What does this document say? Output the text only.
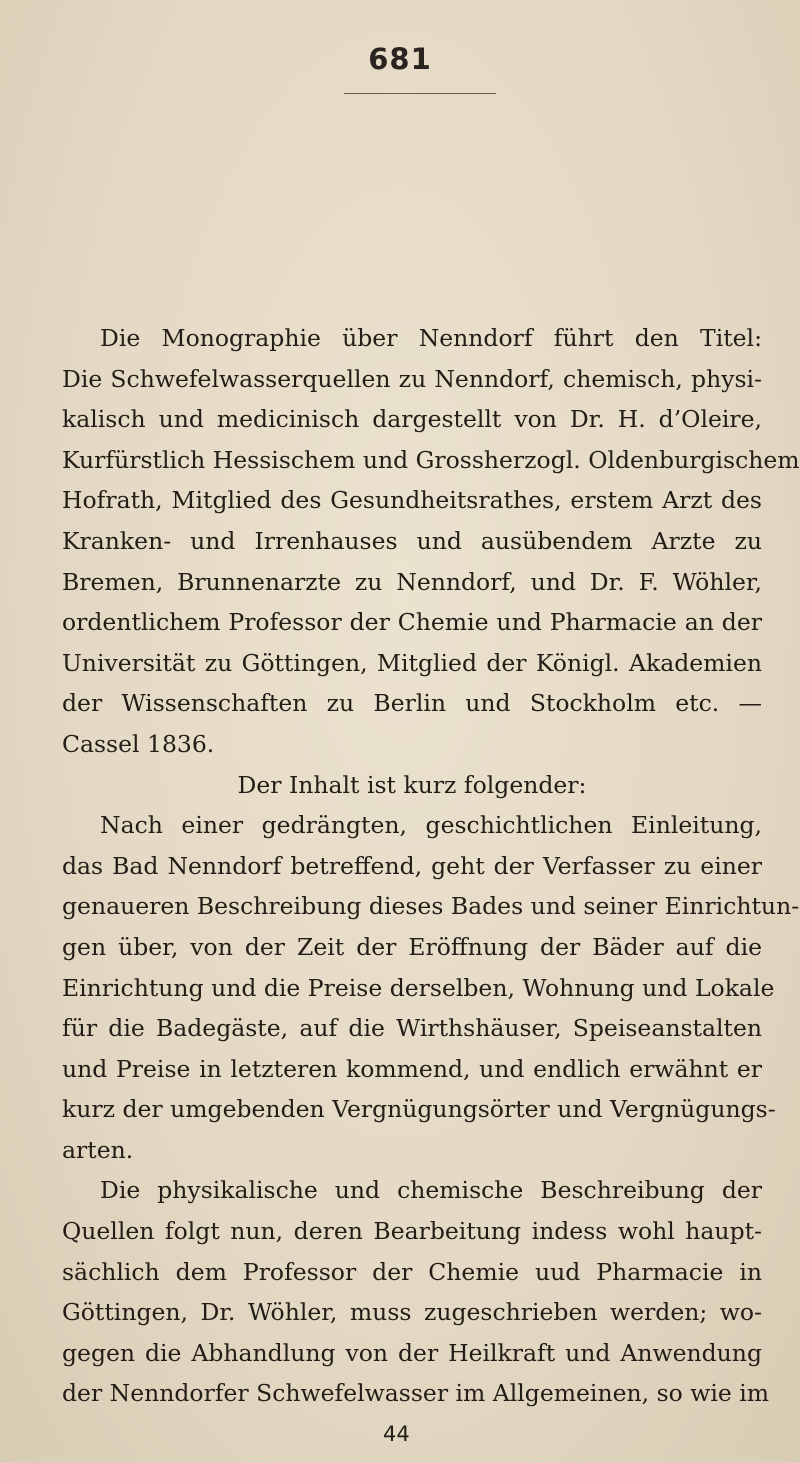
681
Die Monographie über Nenndorf führt den Titel:
Die Schwefelwasserquellen zu Nenndorf, chemisch, physi-
kalisch und medicinisch dargestellt von Dr. H. d’Oleire,
Kurfürstlich Hessischem und Grossherzogl. Oldenburgischem
Hofrath, Mitglied des Gesundheitsrathes, erstem Arzt des
Kranken- und Irrenhauses und ausübendem Arzte zu
Bremen, Brunnenarzte zu Nenndorf, und Dr. F. Wöhler,
ordentlichem Professor der Chemie und Pharmacie an der
Universität zu Göttingen, Mitglied der Königl. Akademien
der Wissenschaften zu Berlin und Stockholm etc. —
Cassel 1836.
Der Inhalt ist kurz folgender:
Nach einer gedrängten, geschichtlichen Einleitung,
das Bad Nenndorf betreffend, geht der Verfasser zu einer
genaueren Beschreibung dieses Bades und seiner Einrichtun-
gen über, von der Zeit der Eröffnung der Bäder auf die
Einrichtung und die Preise derselben, Wohnung und Lokale
für die Badegäste, auf die Wirthshäuser, Speiseanstalten
und Preise in letzteren kommend, und endlich erwähnt er
kurz der umgebenden Vergnügungsörter und Vergnügungs-
arten.
Die physikalische und chemische Beschreibung der
Quellen folgt nun, deren Bearbeitung indess wohl haupt-
sächlich dem Professor der Chemie uud Pharmacie in
Göttingen, Dr. Wöhler, muss zugeschrieben werden; wo-
gegen die Abhandlung von der Heilkraft und Anwendung
der Nenndorfer Schwefelwasser im Allgemeinen, so wie im
44
